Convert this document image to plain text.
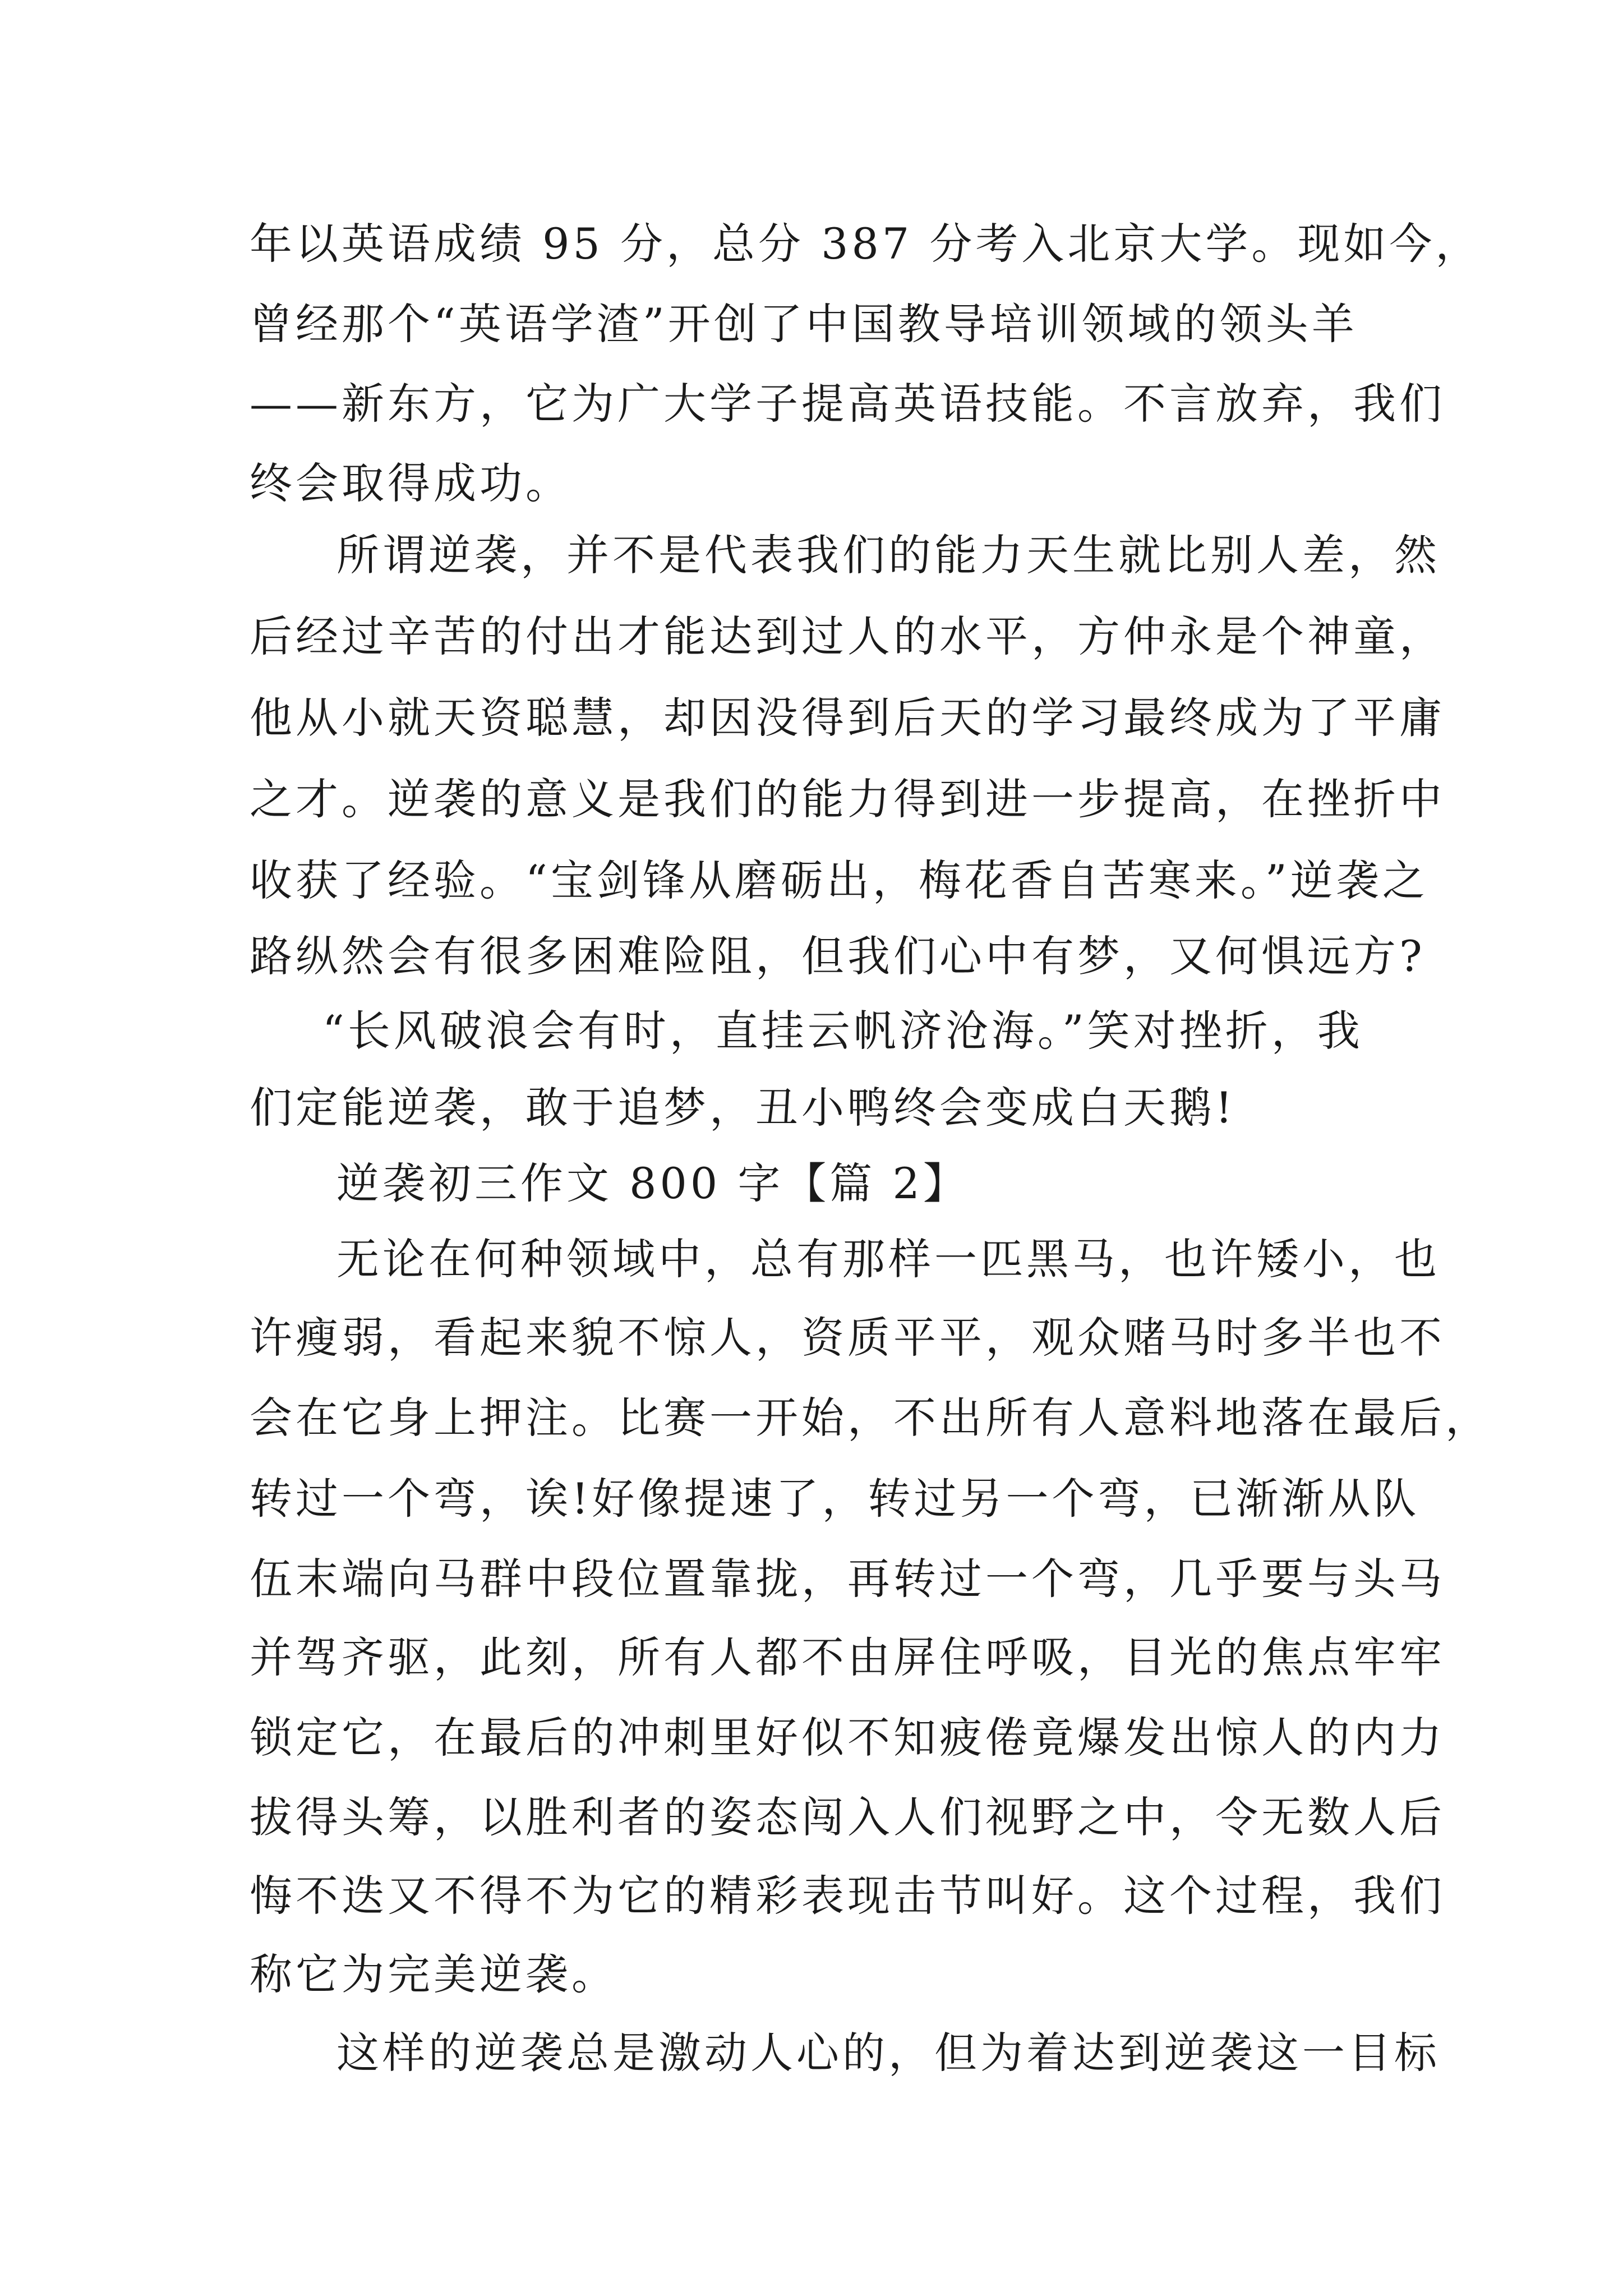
年以英语成绩 95 分，总分 387 分考入北京大学。现如今，
曾经那个“英语学渣”开创了中国教导培训领域的领头羊
——新东方，它为广大学子提高英语技能。不言放弃，我们
终会取得成功。
所谓逆袭，并不是代表我们的能力天生就比别人差，然
后经过辛苦的付出才能达到过人的水平，方仲永是个神童，
他从小就天资聪慧，却因没得到后天的学习最终成为了平庸
之才。逆袭的意义是我们的能力得到进一步提高，在挫折中
收获了经验。“宝剑锋从磨砺出，梅花香自苦寒来。”逆袭之
路纵然会有很多困难险阻，但我们心中有梦，又何惧远方?
“长风破浪会有时，直挂云帆济沧海。”笑对挫折，我
们定能逆袭，敢于追梦，丑小鸭终会变成白天鹅!
逆袭初三作文 800 字【篇 2】
无论在何种领域中，总有那样一匹黑马，也许矮小，也
许瘦弱，看起来貌不惊人，资质平平，观众赌马时多半也不
会在它身上押注。比赛一开始，不出所有人意料地落在最后，
转过一个弯，诶!好像提速了，转过另一个弯，已渐渐从队
伍末端向马群中段位置靠拢，再转过一个弯，几乎要与头马
并驾齐驱，此刻，所有人都不由屏住呼吸，目光的焦点牢牢
锁定它，在最后的冲刺里好似不知疲倦竟爆发出惊人的内力
拔得头筹，以胜利者的姿态闯入人们视野之中，令无数人后
悔不迭又不得不为它的精彩表现击节叫好。这个过程，我们
称它为完美逆袭。
这样的逆袭总是激动人心的，但为着达到逆袭这一目标
